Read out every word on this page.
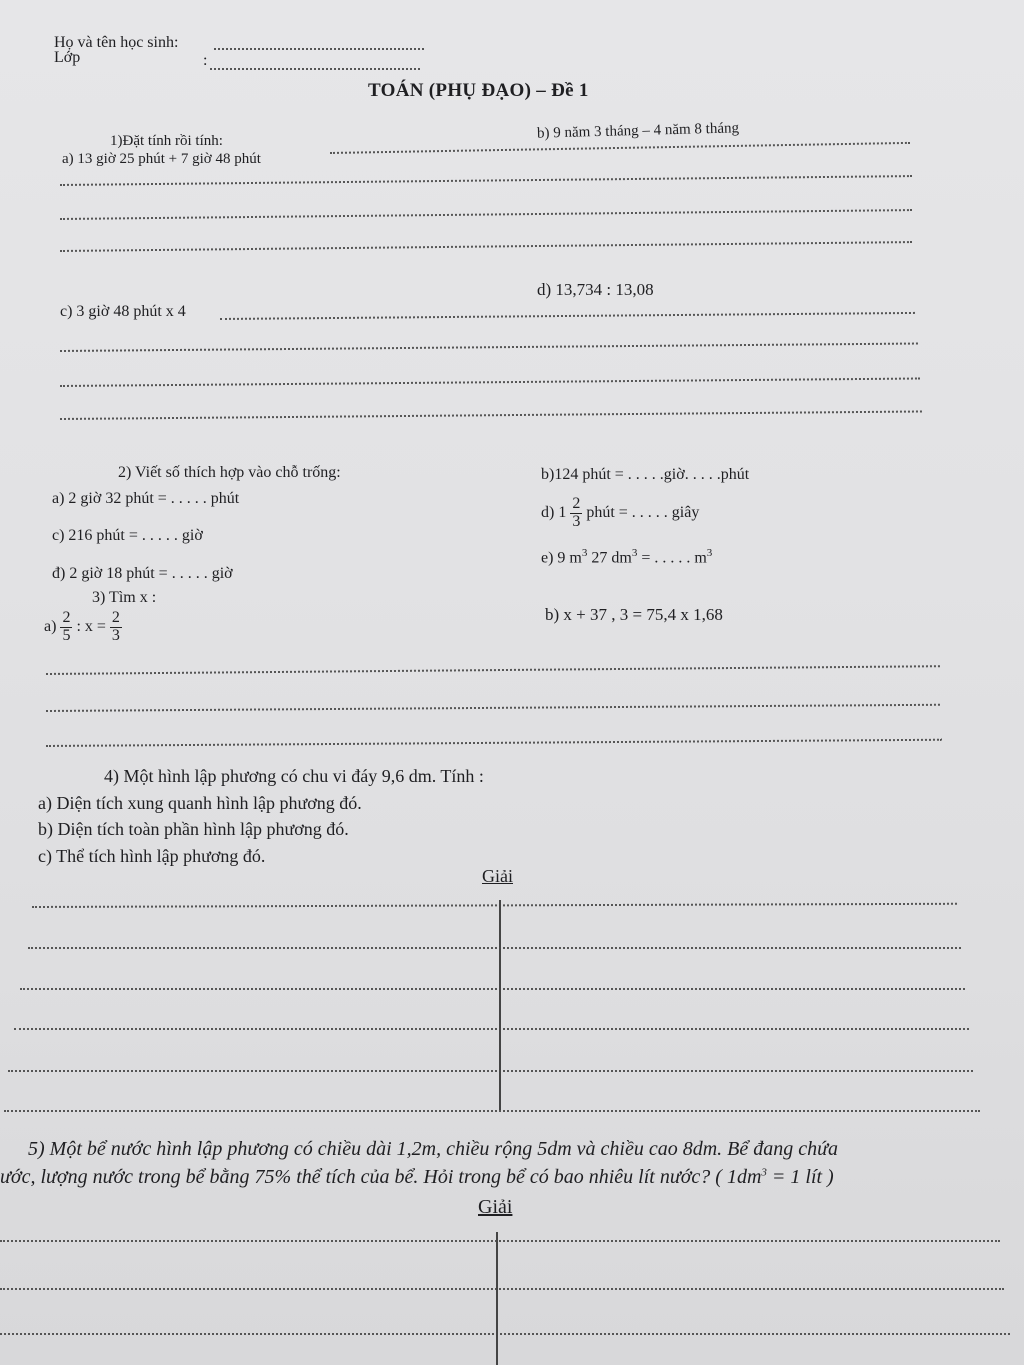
Họ và tên học sinh:
Lớp	:
TOÁN (PHỤ ĐẠO) – Đề 1
1)Đặt tính rồi tính:
a) 13 giờ 25 phút + 7 giờ 48 phút
b) 9 năm 3 tháng – 4 năm 8 tháng
c) 3 giờ 48 phút x 4
d) 13,734 : 13,08
2) Viết số thích hợp vào chỗ trống:
a) 2 giờ 32 phút = . . . . . phút
b)124 phút = . . . . .giờ. . . . .phút
c) 216 phút = . . . . . giờ
d) $1 \frac{2}{3}$ phút = . . . . . giây
e) 9 $m^3$ 27 $dm^3$ = . . . . . $m^3$
đ) 2 giờ 18 phút = . . . . . giờ
3) Tìm x :
$a) \frac{2}{5}$ : $x = \frac{2}{3}$	b) x + 37 , 3 = 75,4 x 1,68
4) Một hình lập phương có chu vi đáy 9,6 dm. Tính :
a) Diện tích xung quanh hình lập phương đó.
b) Diện tích toàn phần hình lập phương đó.
c) Thể tích hình lập phương đó.
Giải
5) Một bể nước hình lập phương có chiều dài 1,2m, chiều rộng 5dm và chiều cao 8dm. Bể đang chứa
ước, lượng nước trong bể bằng 75% thể tích của bể. Hỏi trong bể có bao nhiêu lít nước? ( $1dm^3 = 1$ lít )
Giải
